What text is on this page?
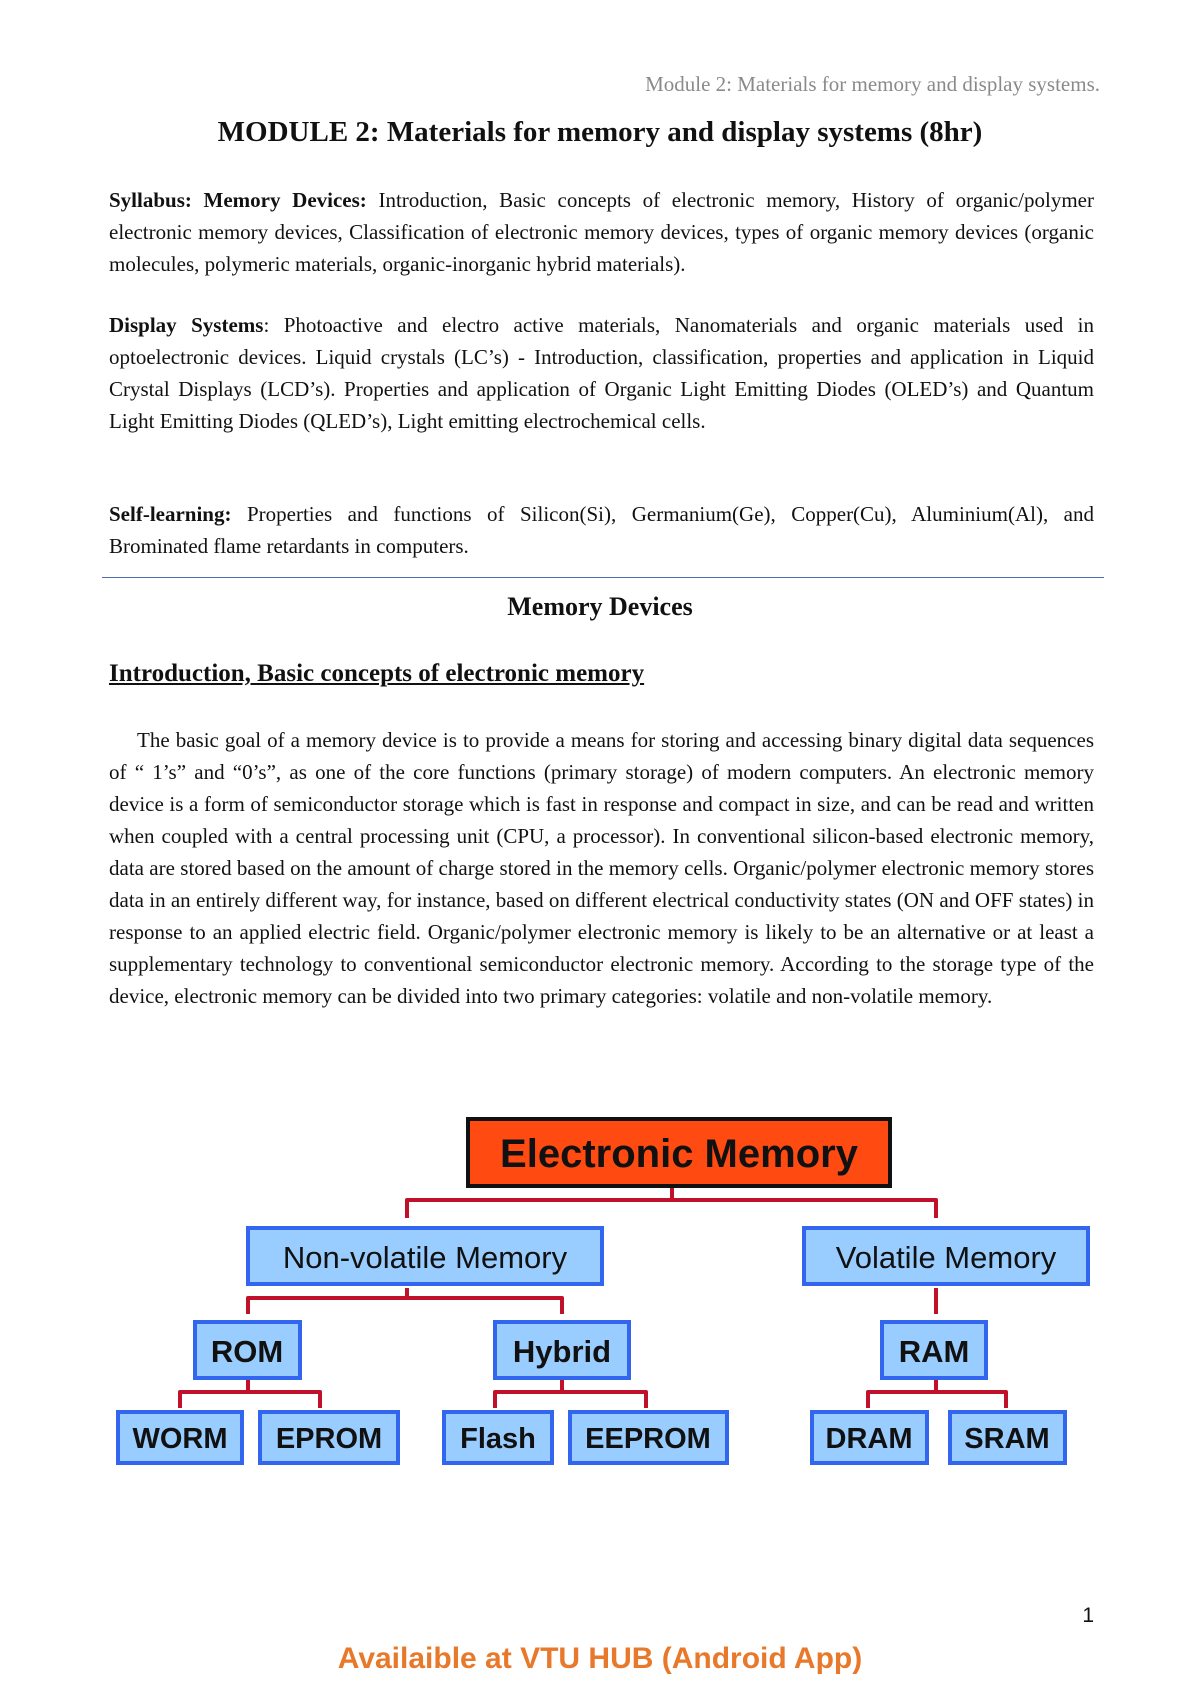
Module 2: Materials for memory and display systems.
MODULE 2: Materials for memory and display systems (8hr)

Syllabus: Memory Devices: Introduction, Basic concepts of electronic memory, History of organic/polymer electronic memory devices, Classification of electronic memory devices, types of organic memory devices (organic molecules, polymeric materials, organic-inorganic hybrid materials).

Display Systems: Photoactive and electro active materials, Nanomaterials and organic materials used in optoelectronic devices. Liquid crystals (LC’s) - Introduction, classification, properties and application in Liquid Crystal Displays (LCD’s). Properties and application of Organic Light Emitting Diodes (OLED’s) and Quantum Light Emitting Diodes (QLED’s), Light emitting electrochemical cells.

Self-learning: Properties and functions of Silicon(Si), Germanium(Ge), Copper(Cu), Aluminium(Al), and Brominated flame retardants in computers.

Memory Devices
Introduction, Basic concepts of electronic memory

The basic goal of a memory device is to provide a means for storing and accessing binary digital data sequences of “ 1’s” and “0’s”, as one of the core functions (primary storage) of modern computers. An electronic memory device is a form of semiconductor storage which is fast in response and compact in size, and can be read and written when coupled with a central processing unit (CPU, a processor). In conventional silicon-based electronic memory, data are stored based on the amount of charge stored in the memory cells. Organic/polymer electronic memory stores data in an entirely different way, for instance, based on different electrical conductivity states (ON and OFF states) in response to an applied electric field. Organic/polymer electronic memory is likely to be an alternative or at least a supplementary technology to conventional semiconductor electronic memory. According to the storage type of the device, electronic memory can be divided into two primary categories: volatile and non-volatile memory.

Electronic Memory
Non-volatile Memory	Volatile Memory
ROM	Hybrid	RAM
WORM EPROM	Flash EEPROM	DRAM SRAM
1
Availaible at VTU HUB (Android App)
